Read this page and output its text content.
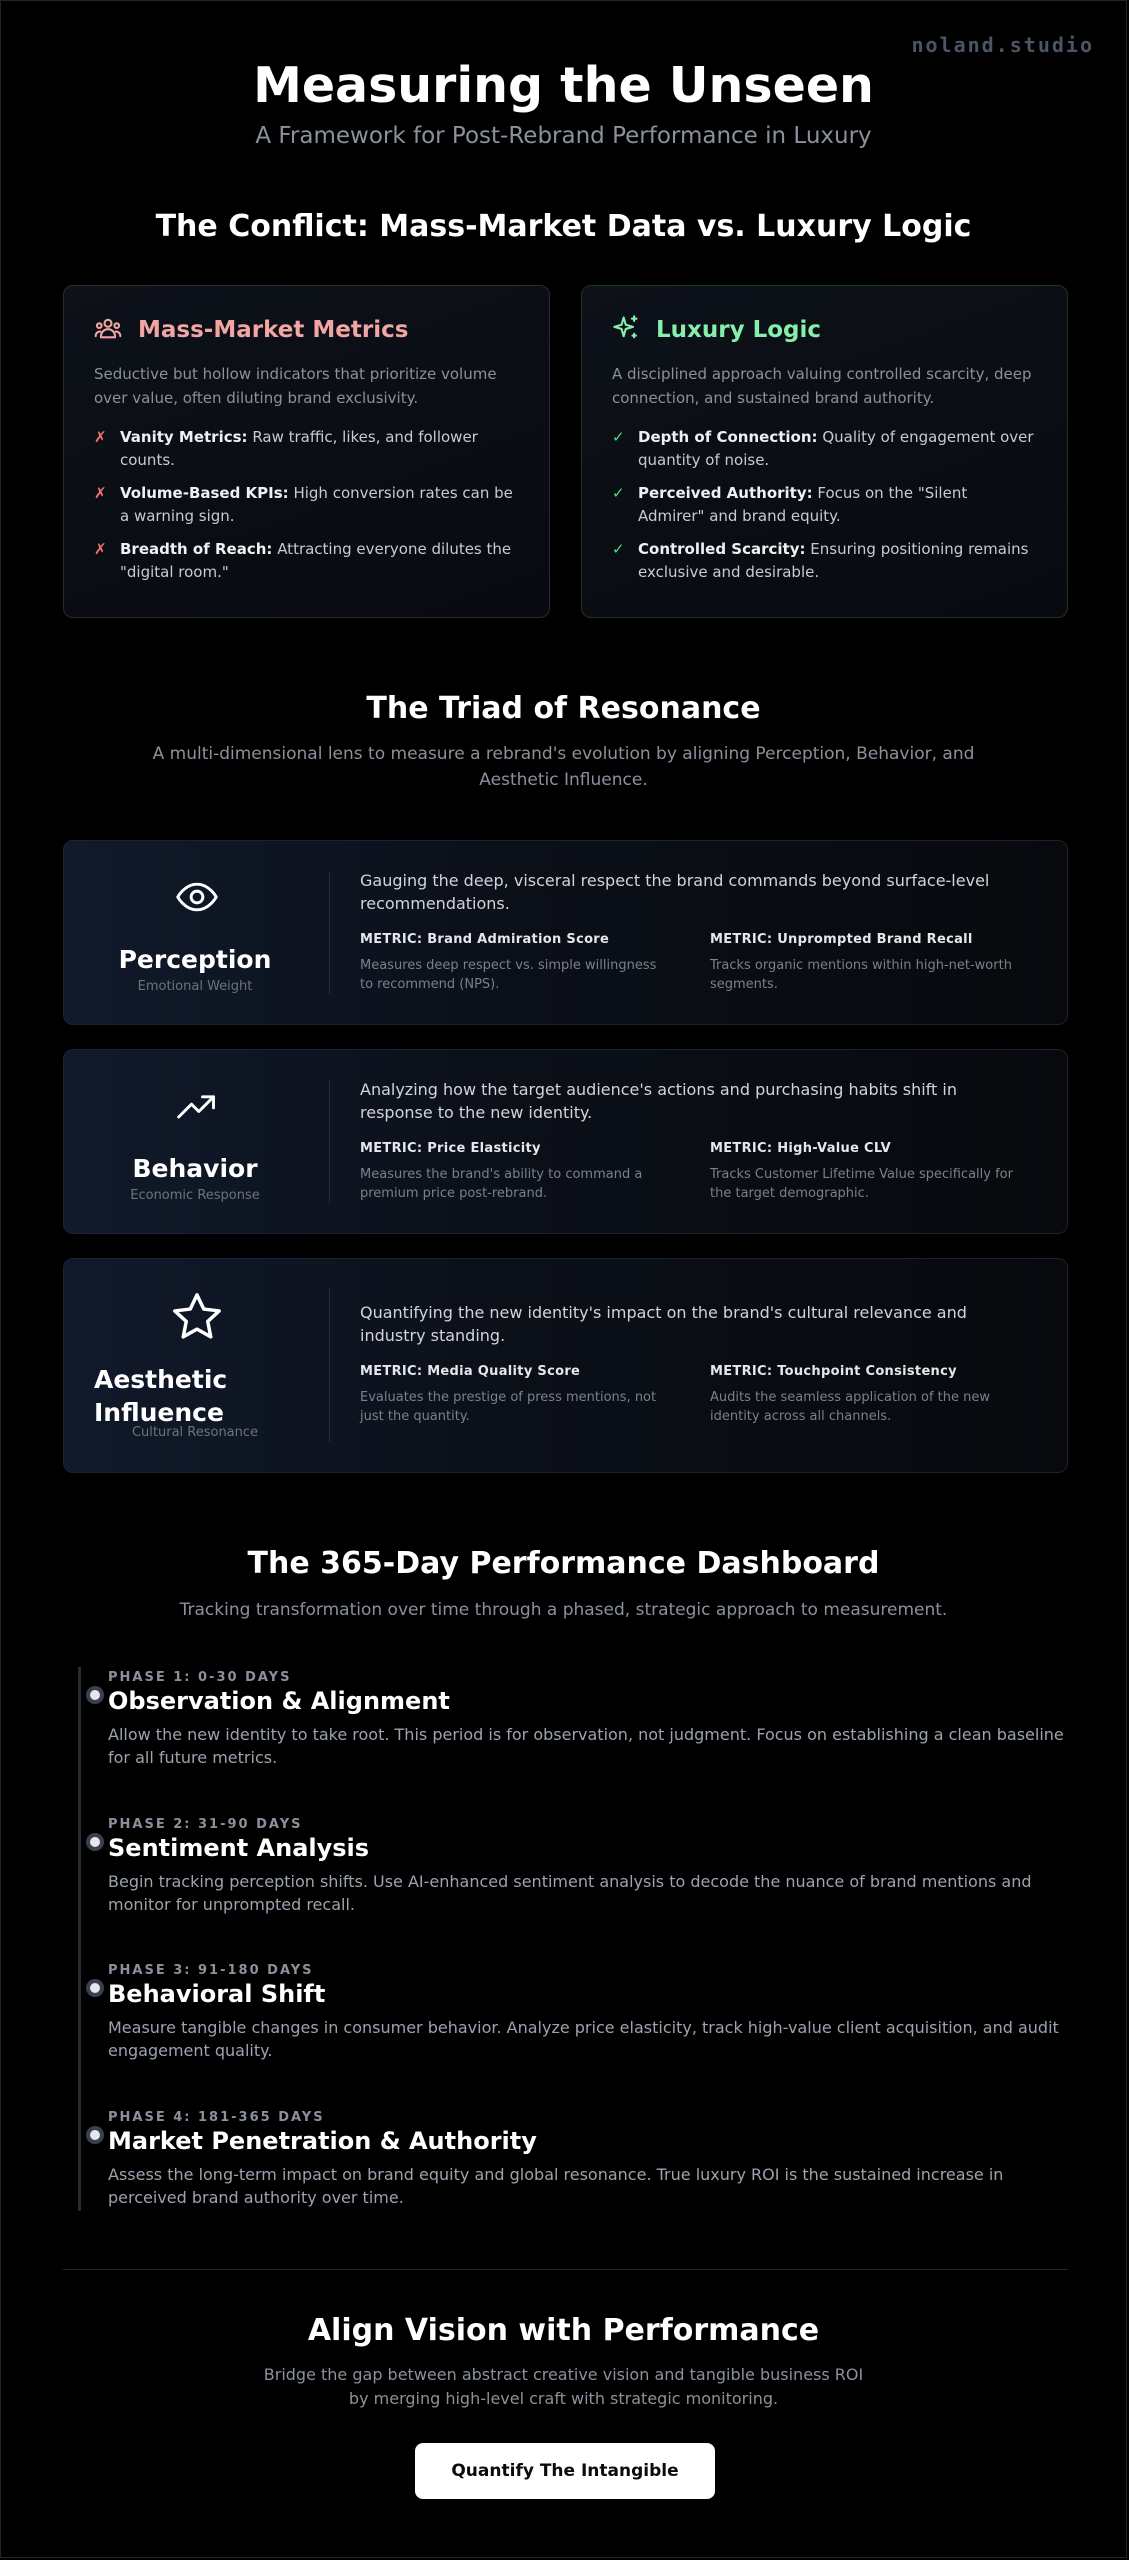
noland.studio
Measuring the Unseen
A Framework for Post-Rebrand Performance in Luxury
The Conflict: Mass-Market Data vs. Luxury Logic
Mass-Market Metrics
Seductive but hollow indicators that prioritize volume over value, often diluting brand exclusivity.
✗ Vanity Metrics: Raw traffic, likes, and follower counts.
✗ Volume-Based KPIs: High conversion rates can be a warning sign.
✗ Breadth of Reach: Attracting everyone dilutes the "digital room."
Luxury Logic
A disciplined approach valuing controlled scarcity, deep connection, and sustained brand authority.
✓ Depth of Connection: Quality of engagement over quantity of noise.
✓ Perceived Authority: Focus on the "Silent Admirer" and brand equity.
✓ Controlled Scarcity: Ensuring positioning remains exclusive and desirable.
The Triad of Resonance
A multi-dimensional lens to measure a rebrand's evolution by aligning Perception, Behavior, and Aesthetic Influence.
Perception
Emotional Weight
Gauging the deep, visceral respect the brand commands beyond surface-level recommendations.
METRIC: Brand Admiration Score
Measures deep respect vs. simple willingness to recommend (NPS).
METRIC: Unprompted Brand Recall
Tracks organic mentions within high-net-worth segments.
Behavior
Economic Response
Analyzing how the target audience's actions and purchasing habits shift in response to the new identity.
METRIC: Price Elasticity
Measures the brand's ability to command a premium price post-rebrand.
METRIC: High-Value CLV
Tracks Customer Lifetime Value specifically for the target demographic.
Aesthetic Influence
Cultural Resonance
Quantifying the new identity's impact on the brand's cultural relevance and industry standing.
METRIC: Media Quality Score
Evaluates the prestige of press mentions, not just the quantity.
METRIC: Touchpoint Consistency
Audits the seamless application of the new identity across all channels.
The 365-Day Performance Dashboard
Tracking transformation over time through a phased, strategic approach to measurement.
PHASE 1: 0-30 DAYS
Observation & Alignment
Allow the new identity to take root. This period is for observation, not judgment. Focus on establishing a clean baseline for all future metrics.
PHASE 2: 31-90 DAYS
Sentiment Analysis
Begin tracking perception shifts. Use AI-enhanced sentiment analysis to decode the nuance of brand mentions and monitor for unprompted recall.
PHASE 3: 91-180 DAYS
Behavioral Shift
Measure tangible changes in consumer behavior. Analyze price elasticity, track high-value client acquisition, and audit engagement quality.
PHASE 4: 181-365 DAYS
Market Penetration & Authority
Assess the long-term impact on brand equity and global resonance. True luxury ROI is the sustained increase in perceived brand authority over time.
Align Vision with Performance
Bridge the gap between abstract creative vision and tangible business ROI by merging high-level craft with strategic monitoring.
Quantify The Intangible
